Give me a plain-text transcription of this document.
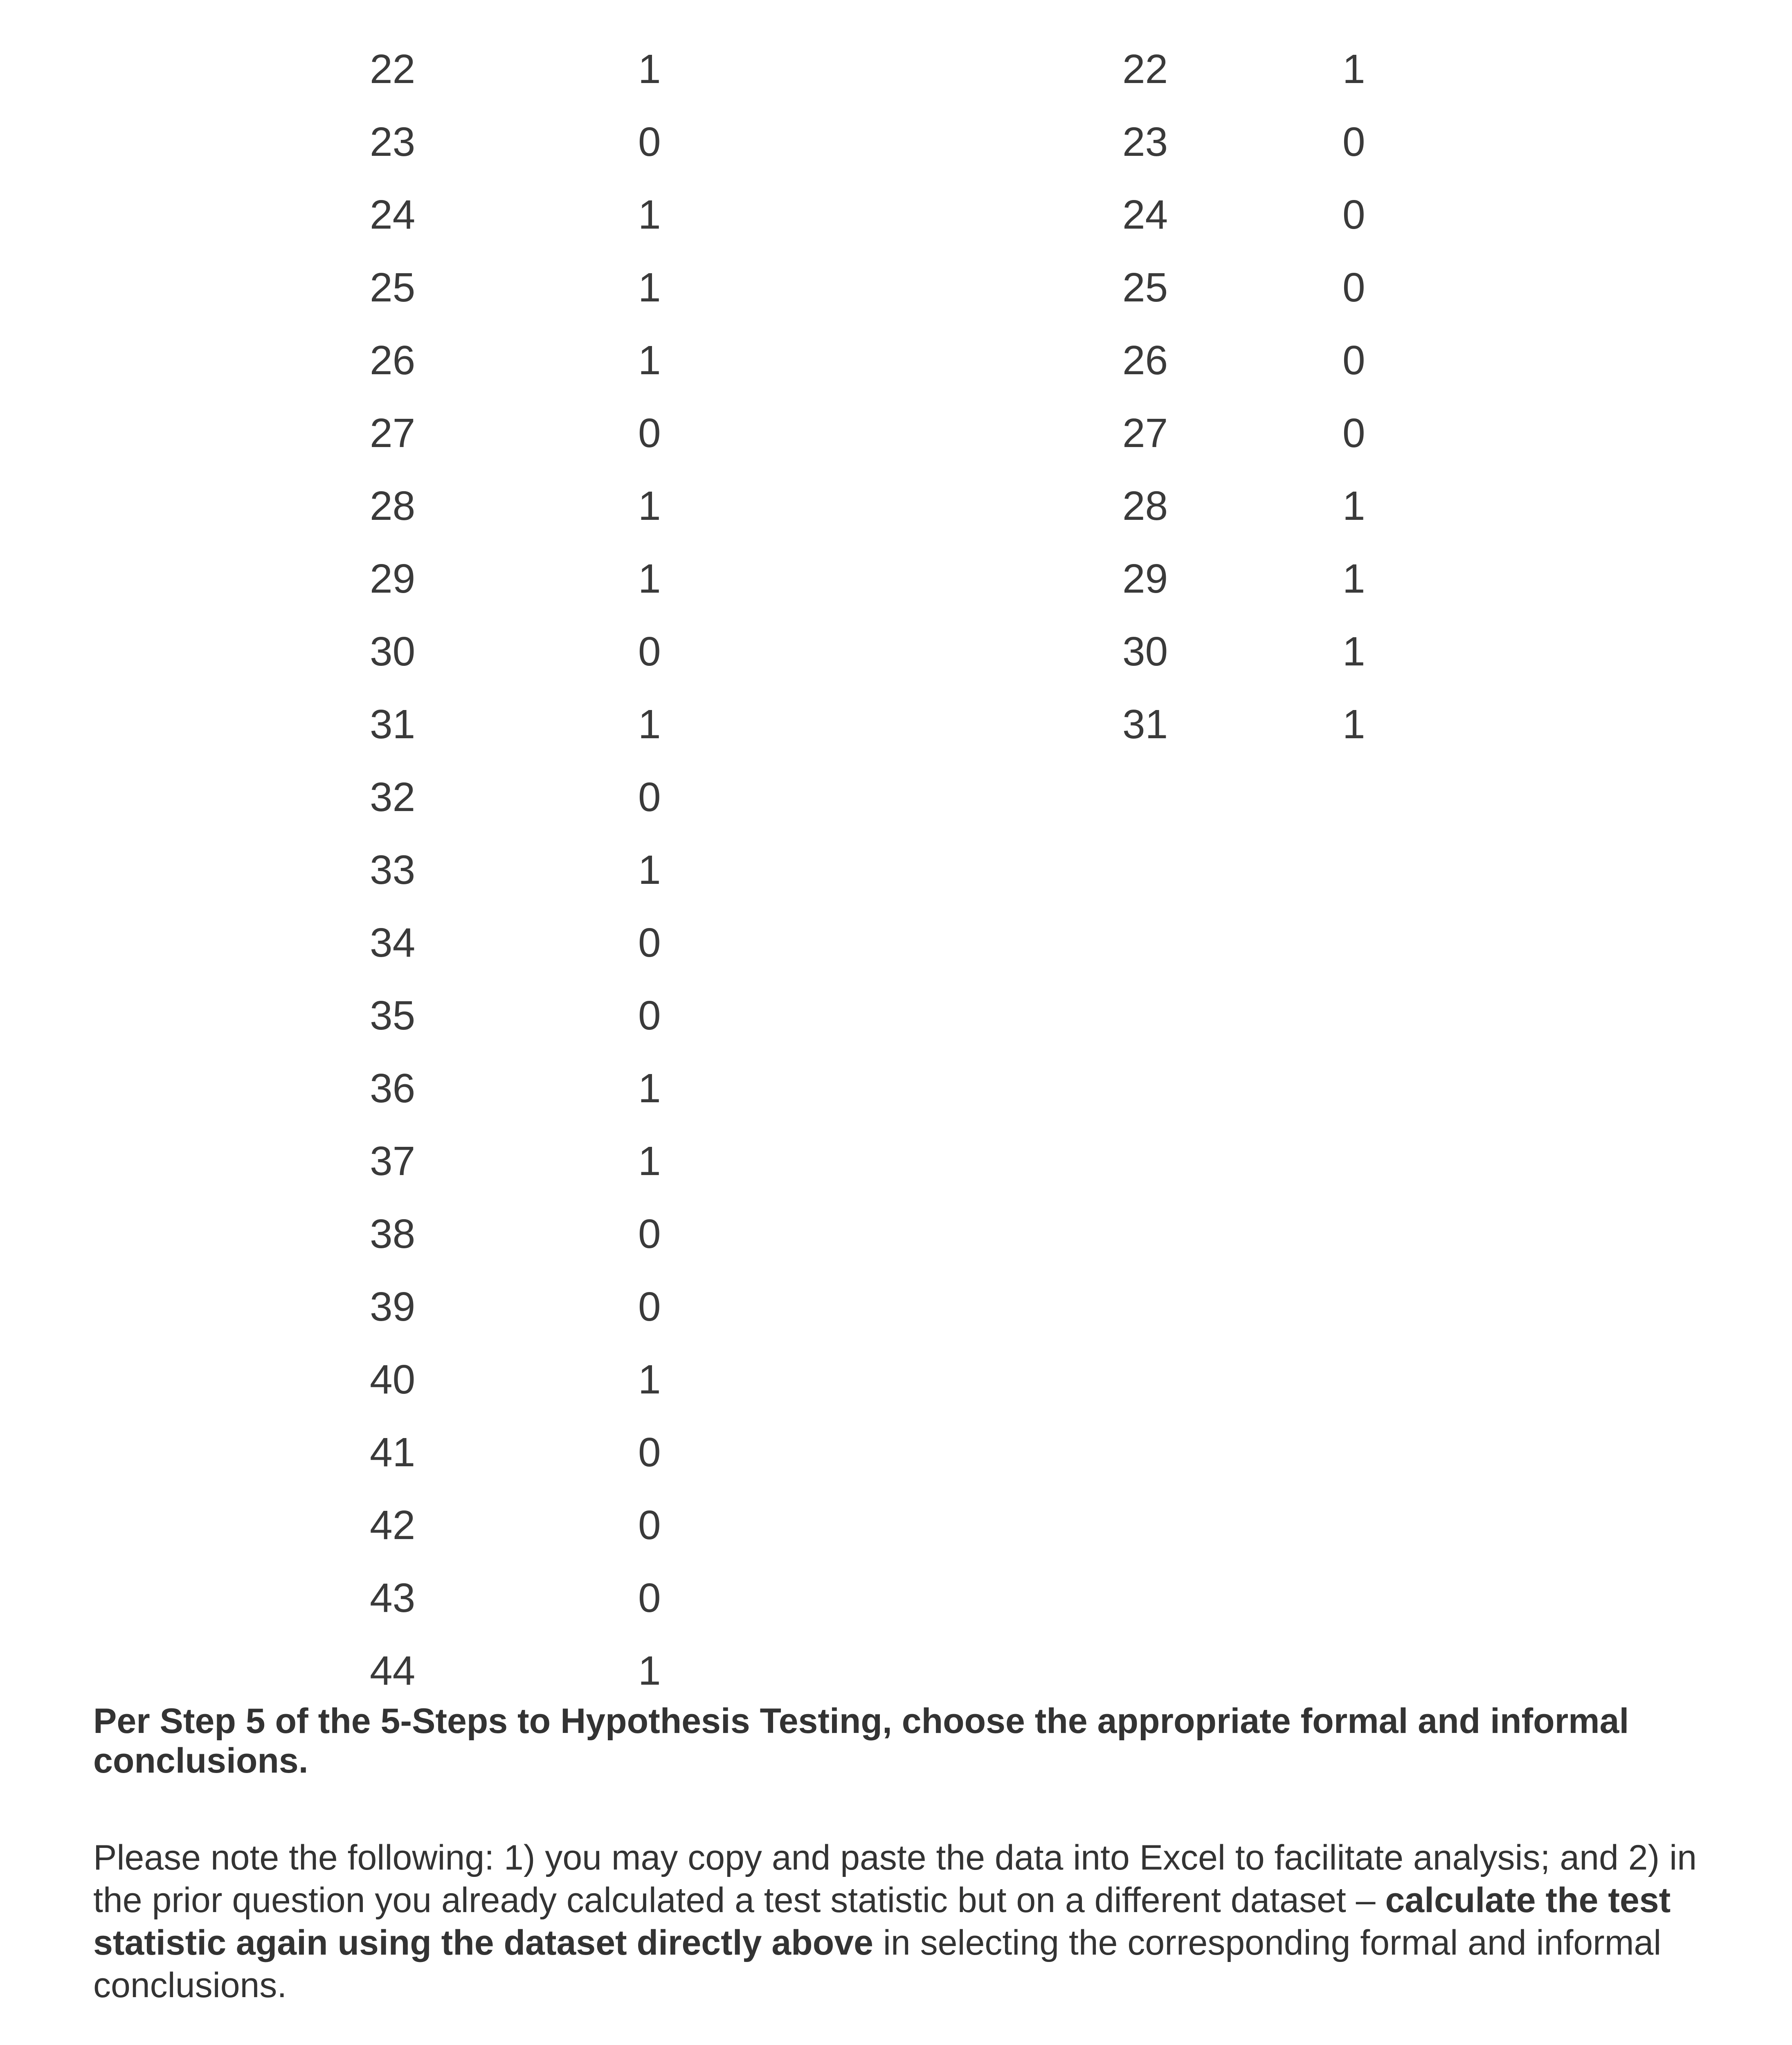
22	1
23	0
24	1
25	1
26	1
27	0
28	1
29	1
30	0
31	1
32	0
33	1
34	0
35	0
36	1
37	1
38	0
39	0
40	1
41	0
42	0
43	0
44	1
22	1
23	0
24	0
25	0
26	0
27	0
28	1
29	1
30	1
31	1

Per Step 5 of the 5-Steps to Hypothesis Testing, choose the appropriate formal and informal conclusions.

Please note the following: 1) you may copy and paste the data into Excel to facilitate analysis; and 2) in the prior question you already calculated a test statistic but on a different dataset – calculate the test statistic again using the dataset directly above in selecting the corresponding formal and informal conclusions.
